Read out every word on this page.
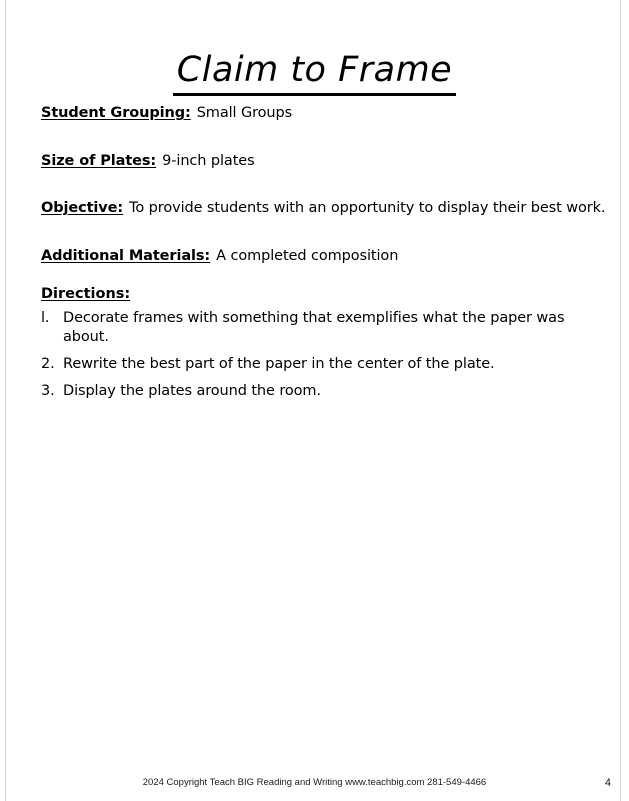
Claim to Frame
Student Grouping: Small Groups
Size of Plates: 9-inch plates
Objective: To provide students with an opportunity to display their best work.
Additional Materials: A completed composition
Directions:
l. Decorate frames with something that exemplifies what the paper was about.
2. Rewrite the best part of the paper in the center of the plate.
3. Display the plates around the room.
2024 Copyright Teach BIG Reading and Writing www.teachbig.com 281-549-4466	4
